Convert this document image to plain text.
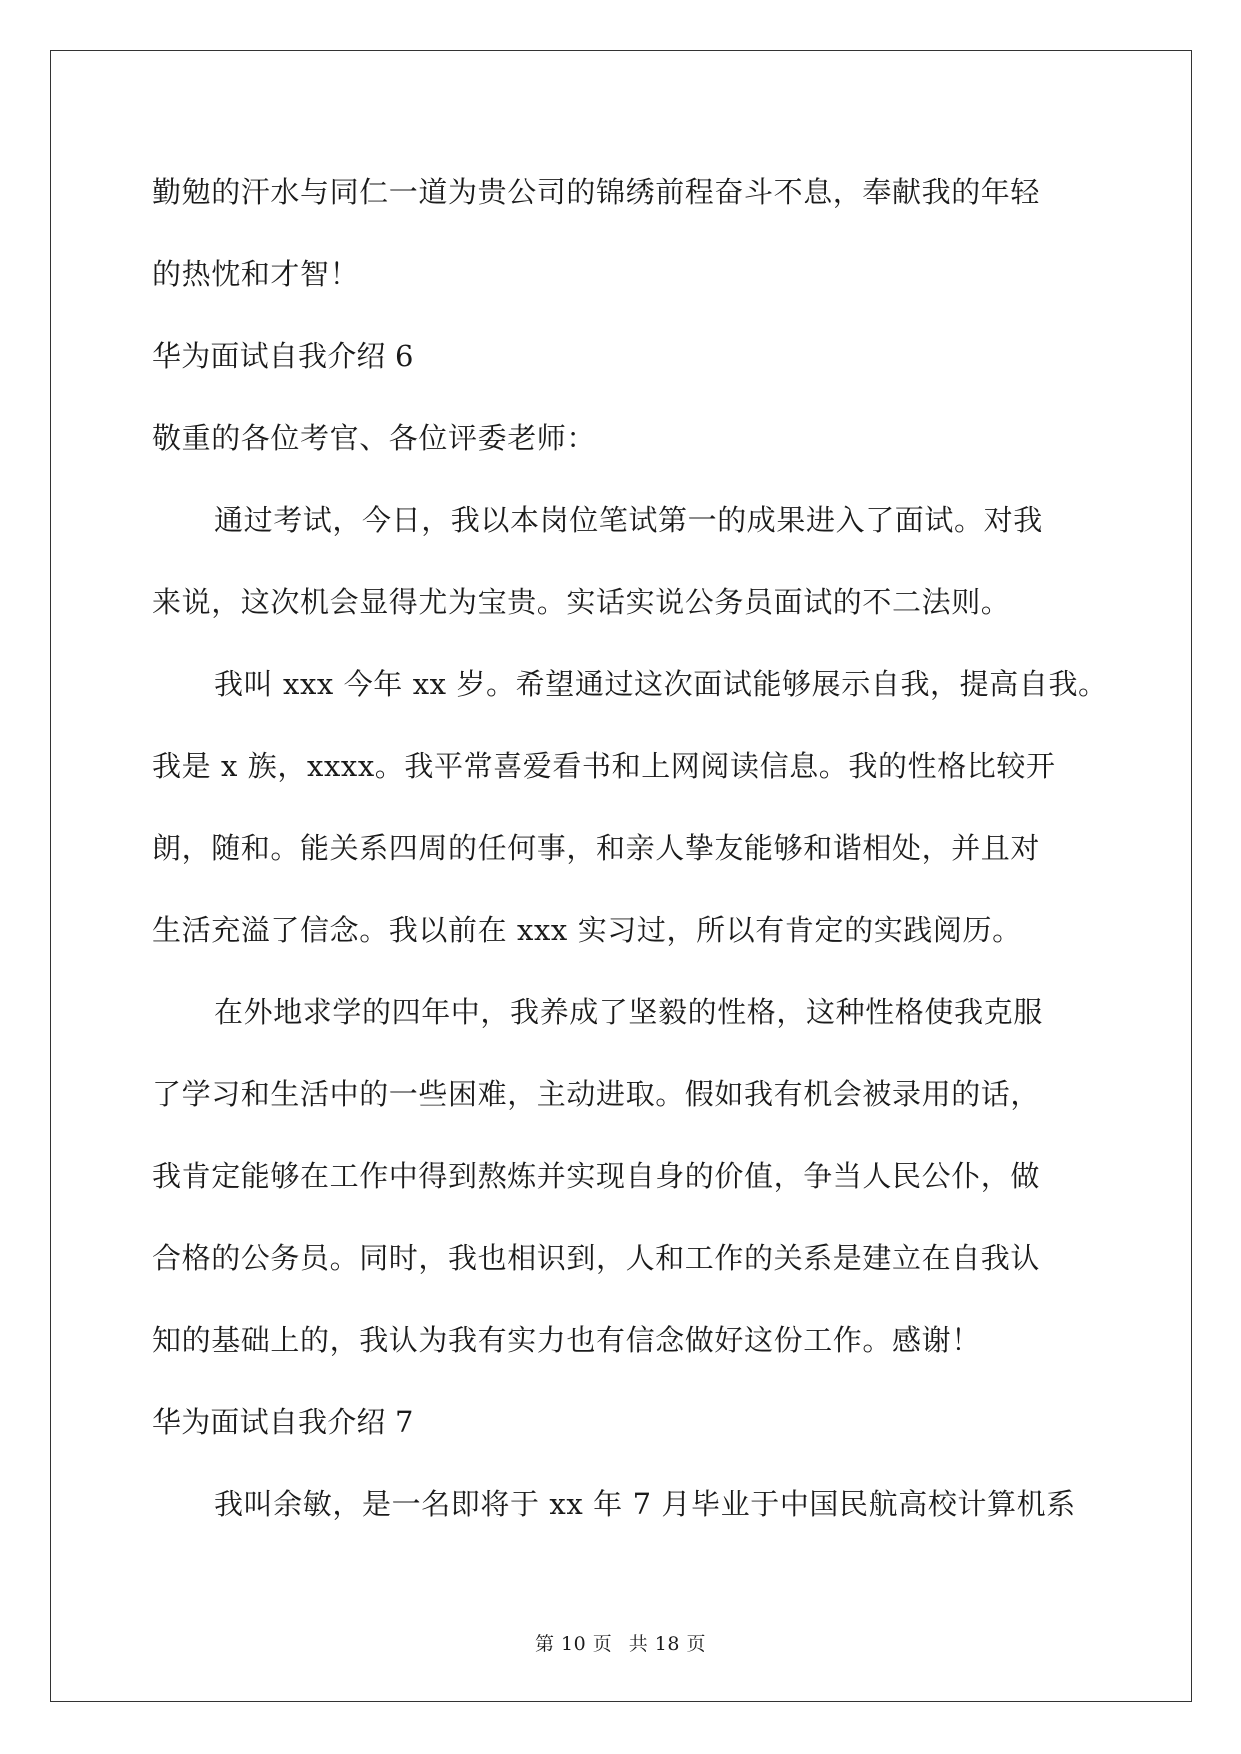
勤勉的汗水与同仁一道为贵公司的锦绣前程奋斗不息，奉献我的年轻
的热忱和才智！
华为面试自我介绍 6
敬重的各位考官、各位评委老师：
通过考试，今日，我以本岗位笔试第一的成果进入了面试。对我
来说，这次机会显得尤为宝贵。实话实说公务员面试的不二法则。
我叫 xxx 今年 xx 岁。希望通过这次面试能够展示自我，提高自我。
我是 x 族，xxxx。我平常喜爱看书和上网阅读信息。我的性格比较开
朗，随和。能关系四周的任何事，和亲人挚友能够和谐相处，并且对
生活充溢了信念。我以前在 xxx 实习过，所以有肯定的实践阅历。
在外地求学的四年中，我养成了坚毅的性格，这种性格使我克服
了学习和生活中的一些困难，主动进取。假如我有机会被录用的话，
我肯定能够在工作中得到熬炼并实现自身的价值，争当人民公仆，做
合格的公务员。同时，我也相识到，人和工作的关系是建立在自我认
知的基础上的，我认为我有实力也有信念做好这份工作。感谢！
华为面试自我介绍 7
我叫余敏，是一名即将于 xx 年 7 月毕业于中国民航高校计算机系
第 10 页 共 18 页
